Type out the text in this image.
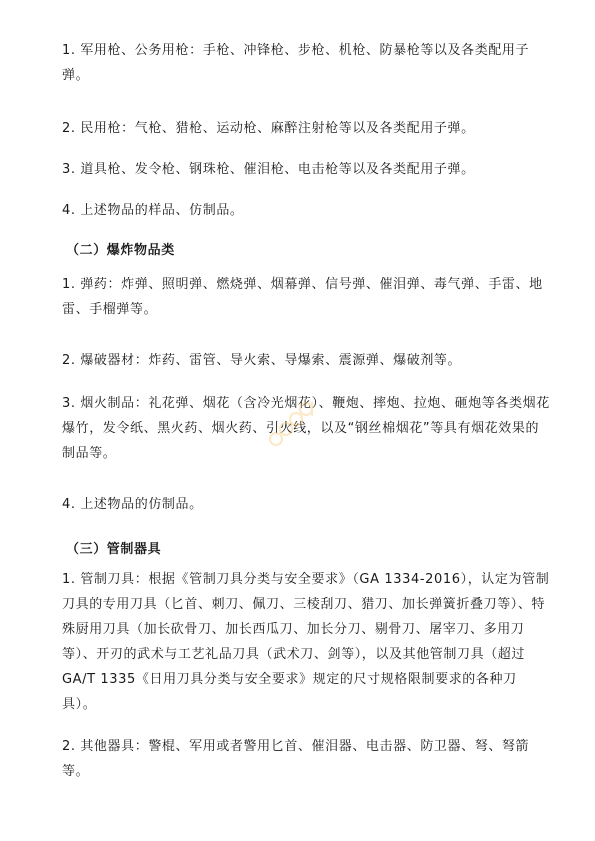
1. 军用枪、公务用枪：手枪、冲锋枪、步枪、机枪、防暴枪等以及各类配用子弹。

2. 民用枪：气枪、猎枪、运动枪、麻醉注射枪等以及各类配用子弹。

3. 道具枪、发令枪、钢珠枪、催泪枪、电击枪等以及各类配用子弹。

4. 上述物品的样品、仿制品。

（二）爆炸物品类

1. 弹药：炸弹、照明弹、燃烧弹、烟幕弹、信号弹、催泪弹、毒气弹、手雷、地雷、手榴弹等。

2. 爆破器材：炸药、雷管、导火索、导爆索、震源弹、爆破剂等。

3. 烟火制品：礼花弹、烟花（含冷光烟花）、鞭炮、摔炮、拉炮、砸炮等各类烟花爆竹，发令纸、黑火药、烟火药、引火线，以及“钢丝棉烟花”等具有烟花效果的制品等。

4. 上述物品的仿制品。

（三）管制器具

1. 管制刀具：根据《管制刀具分类与安全要求》（GA 1334-2016），认定为管制刀具的专用刀具（匕首、刺刀、佩刀、三棱刮刀、猎刀、加长弹簧折叠刀等）、特殊厨用刀具（加长砍骨刀、加长西瓜刀、加长分刀、剔骨刀、屠宰刀、多用刀等）、开刃的武术与工艺礼品刀具（武术刀、剑等），以及其他管制刀具（超过GA/T 1335《日用刀具分类与安全要求》规定的尺寸规格限制要求的各种刀具）。

2. 其他器具：警棍、军用或者警用匕首、催泪器、电击器、防卫器、弩、弩箭等。
